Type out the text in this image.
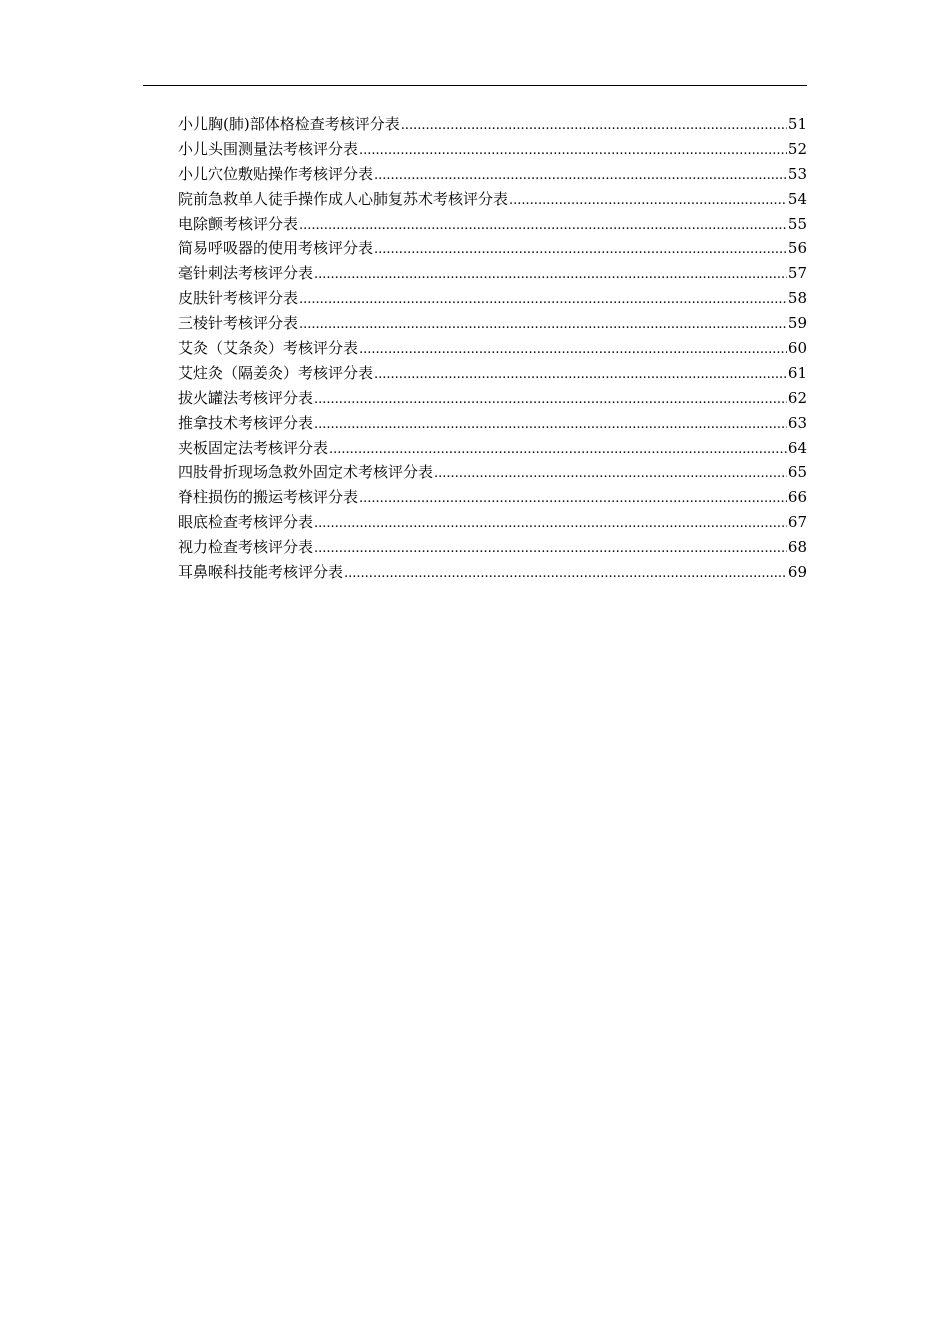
小儿胸(肺)部体格检查考核评分表 .....	51
小儿头围测量法考核评分表 .....	52
小儿穴位敷贴操作考核评分表 .....	53
院前急救单人徒手操作成人心肺复苏术考核评分表 .....	54
电除颤考核评分表 .....	55
简易呼吸器的使用考核评分表 .....	56
毫针刺法考核评分表 .....	57
皮肤针考核评分表 .....	58
三棱针考核评分表 .....	59
艾灸（艾条灸）考核评分表 .....	60
艾炷灸（隔姜灸）考核评分表 .....	61
拔火罐法考核评分表 .....	62
推拿技术考核评分表 .....	63
夹板固定法考核评分表 .....	64
四肢骨折现场急救外固定术考核评分表 .....	65
脊柱损伤的搬运考核评分表 .....	66
眼底检查考核评分表 .....	67
视力检查考核评分表 .....	68
耳鼻喉科技能考核评分表 .....	69
